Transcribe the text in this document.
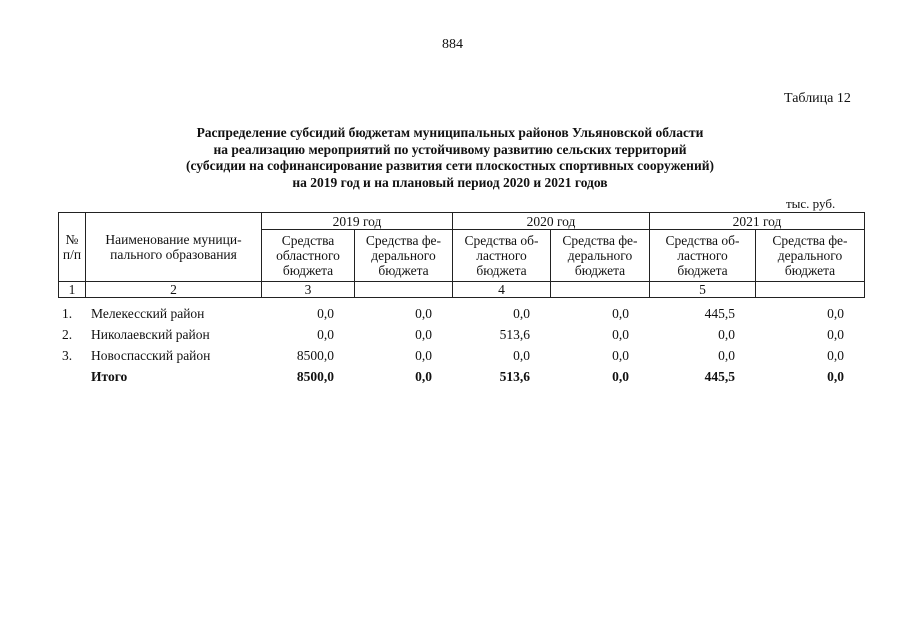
884
Таблица 12
Распределение субсидий бюджетам муниципальных районов Ульяновской области
на реализацию мероприятий по устойчивому развитию сельских территорий
(субсидии на софинансирование развития сети плоскостных спортивных сооружений)
на 2019 год и на плановый период 2020 и 2021 годов
тыс. руб.
№ п/п	Наименование муници-пального образования	2019 год		2020 год		2021 год	
		Средства областного бюджета	Средства фе-дерального бюджета	Средства об-ластного бюджета	Средства фе-дерального бюджета	Средства об-ластного бюджета	Средства фе-дерального бюджета
1	2	3		4		5	
1.	Мелекесский район	0,0	0,0	0,0	0,0	445,5	0,0
2.	Николаевский район	0,0	0,0	513,6	0,0	0,0	0,0
3.	Новоспасский район	8500,0	0,0	0,0	0,0	0,0	0,0
	Итого	8500,0	0,0	513,6	0,0	445,5	0,0
